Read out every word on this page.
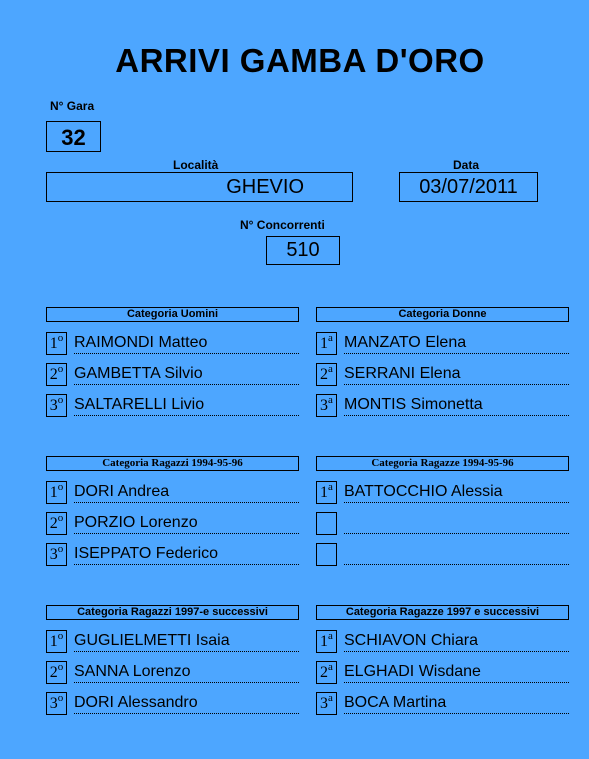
ARRIVI GAMBA D'ORO
N° Gara
32
Località
GHEVIO
Data
03/07/2011
N° Concorrenti
510
Categoria Uomini
1$^o$ RAIMONDI Matteo
2$^o$ GAMBETTA Silvio
3$^o$ SALTARELLI Livio
Categoria Donne
1$^a$ MANZATO Elena
2$^a$ SERRANI Elena
3$^a$ MONTIS Simonetta
Categoria Ragazzi 1994-95-96
1$^o$ DORI Andrea
2$^o$ PORZIO Lorenzo
3$^o$ ISEPPATO Federico
Categoria Ragazze 1994-95-96
1$^a$ BATTOCCHIO Alessia
Categoria Ragazzi 1997-e successivi
1$^o$ GUGLIELMETTI Isaia
2$^o$ SANNA Lorenzo
3$^o$ DORI Alessandro
Categoria Ragazze 1997 e successivi
1$^a$ SCHIAVON Chiara
2$^a$ ELGHADI Wisdane
3$^a$ BOCA Martina
